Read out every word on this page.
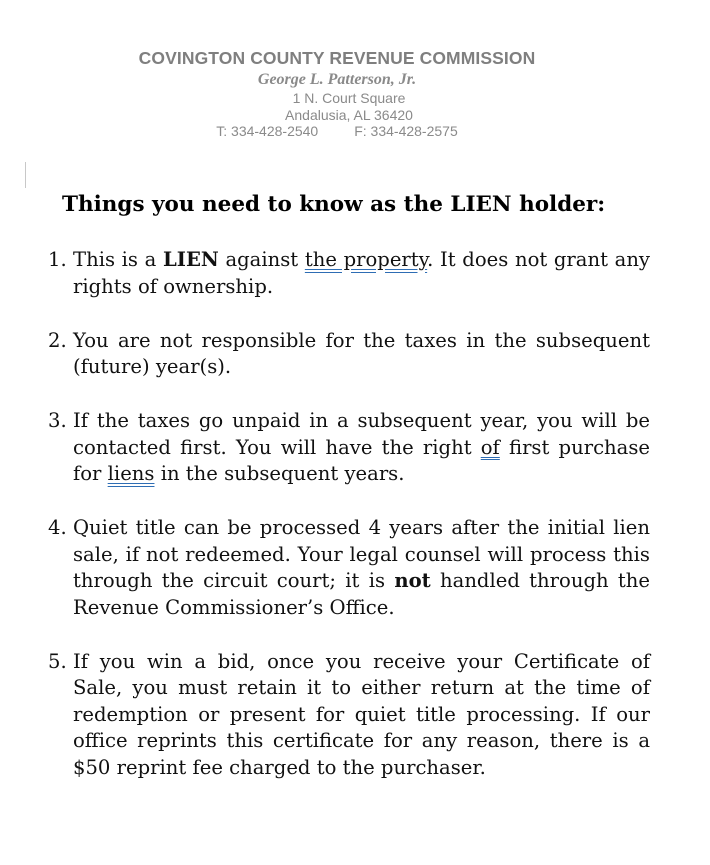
COVINGTON COUNTY REVENUE COMMISSION
George L. Patterson, Jr.
1 N. Court Square
Andalusia, AL 36420
T: 334-428-2540	F: 334-428-2575
Things you need to know as the LIEN holder:
1. This is a LIEN against the property. It does not grant any rights of ownership.
2. You are not responsible for the taxes in the subsequent (future) year(s).
3. If the taxes go unpaid in a subsequent year, you will be contacted first. You will have the right of first purchase for liens in the subsequent years.
4. Quiet title can be processed 4 years after the initial lien sale, if not redeemed. Your legal counsel will process this through the circuit court; it is not handled through the Revenue Commissioner’s Office.
5. If you win a bid, once you receive your Certificate of Sale, you must retain it to either return at the time of redemption or present for quiet title processing. If our office reprints this certificate for any reason, there is a $50 reprint fee charged to the purchaser.
